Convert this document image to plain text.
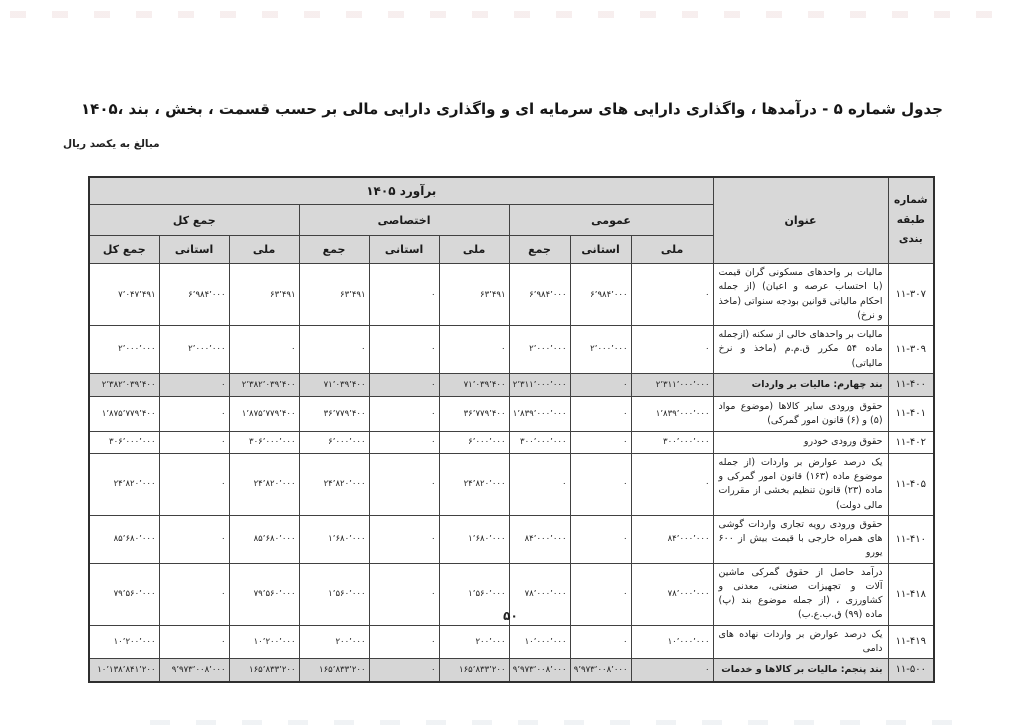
جدول شماره ۵ - درآمدها ، واگذاری دارایی های سرمایه ای و واگذاری دارایی مالی بر حسب قسمت ، بخش ، بند ،۱۴۰۵
مبالغ به یکصد ریال
شماره طبقه بندی	عنوان	برآورد ۱۴۰۵								
		عمومی			اختصاصی			جمع کل		
		ملی	استانی	جمع	ملی	استانی	جمع	ملی	استانی	جمع کل
۱۱-۳۰۷	مالیات بر واحدهای مسکونی گران قیمت (با احتساب عرصه و اعیان) (از جمله احکام مالیاتی قوانین بودجه سنواتی (ماخذ و نرخ)	۰	۶٬۹۸۴٬۰۰۰	۶٬۹۸۴٬۰۰۰	۶۳٬۴۹۱	۰	۶۳٬۴۹۱	۶۳٬۴۹۱	۶٬۹۸۴٬۰۰۰	۷٬۰۴۷٬۴۹۱
۱۱-۳۰۹	مالیات بر واحدهای خالی از سکنه (ازجمله ماده ۵۴ مکرر ق.م.م (ماخذ و نرخ مالیاتی)	۰	۲٬۰۰۰٬۰۰۰	۲٬۰۰۰٬۰۰۰	۰	۰	۰	۰	۲٬۰۰۰٬۰۰۰	۲٬۰۰۰٬۰۰۰
۱۱-۴۰۰	بند چهارم: مالیات بر واردات	۲٬۳۱۱٬۰۰۰٬۰۰۰	۰	۲٬۳۱۱٬۰۰۰٬۰۰۰	۷۱٬۰۳۹٬۴۰۰	۰	۷۱٬۰۳۹٬۴۰۰	۲٬۳۸۲٬۰۳۹٬۴۰۰	۰	۲٬۳۸۲٬۰۳۹٬۴۰۰
۱۱-۴۰۱	حقوق ورودی سایر کالاها (موضوع مواد (۵) و (۶) قانون امور گمرکی)	۱٬۸۳۹٬۰۰۰٬۰۰۰	۰	۱٬۸۳۹٬۰۰۰٬۰۰۰	۳۶٬۷۷۹٬۴۰۰	۰	۳۶٬۷۷۹٬۴۰۰	۱٬۸۷۵٬۷۷۹٬۴۰۰	۰	۱٬۸۷۵٬۷۷۹٬۴۰۰
۱۱-۴۰۲	حقوق ورودی خودرو	۳۰۰٬۰۰۰٬۰۰۰	۰	۳۰۰٬۰۰۰٬۰۰۰	۶٬۰۰۰٬۰۰۰	۰	۶٬۰۰۰٬۰۰۰	۳۰۶٬۰۰۰٬۰۰۰	۰	۳۰۶٬۰۰۰٬۰۰۰
۱۱-۴۰۵	یک درصد عوارض بر واردات (از جمله موضوع ماده (۱۶۳) قانون امور گمرکی و ماده (۲۳) قانون تنظیم بخشی از مقررات مالی دولت)	۰	۰	۰	۲۴٬۸۲۰٬۰۰۰	۰	۲۴٬۸۲۰٬۰۰۰	۲۴٬۸۲۰٬۰۰۰	۰	۲۴٬۸۲۰٬۰۰۰
۱۱-۴۱۰	حقوق ورودی رویه تجاری واردات گوشی های همراه خارجی با قیمت بیش از ۶۰۰ یورو	۸۴٬۰۰۰٬۰۰۰	۰	۸۴٬۰۰۰٬۰۰۰	۱٬۶۸۰٬۰۰۰	۰	۱٬۶۸۰٬۰۰۰	۸۵٬۶۸۰٬۰۰۰	۰	۸۵٬۶۸۰٬۰۰۰
۱۱-۴۱۸	درآمد حاصل از حقوق گمرکی ماشین آلات و تجهیزات صنعتی، معدنی و کشاورزی ، (از جمله موضوع بند (پ) ماده (۹۹) ق.ب.ع.ب)	۷۸٬۰۰۰٬۰۰۰	۰	۷۸٬۰۰۰٬۰۰۰	۱٬۵۶۰٬۰۰۰	۰	۱٬۵۶۰٬۰۰۰	۷۹٬۵۶۰٬۰۰۰	۰	۷۹٬۵۶۰٬۰۰۰
۱۱-۴۱۹	یک درصد عوارض بر واردات نهاده های دامی	۱۰٬۰۰۰٬۰۰۰	۰	۱۰٬۰۰۰٬۰۰۰	۲۰۰٬۰۰۰	۰	۲۰۰٬۰۰۰	۱۰٬۲۰۰٬۰۰۰	۰	۱۰٬۲۰۰٬۰۰۰
۱۱-۵۰۰	بند پنجم: مالیات بر کالاها و خدمات	۰	۹٬۹۷۳٬۰۰۸٬۰۰۰	۹٬۹۷۳٬۰۰۸٬۰۰۰	۱۶۵٬۸۳۳٬۲۰۰	۰	۱۶۵٬۸۳۳٬۲۰۰	۱۶۵٬۸۳۳٬۲۰۰	۹٬۹۷۳٬۰۰۸٬۰۰۰	۱۰٬۱۳۸٬۸۴۱٬۲۰۰
۵۰
